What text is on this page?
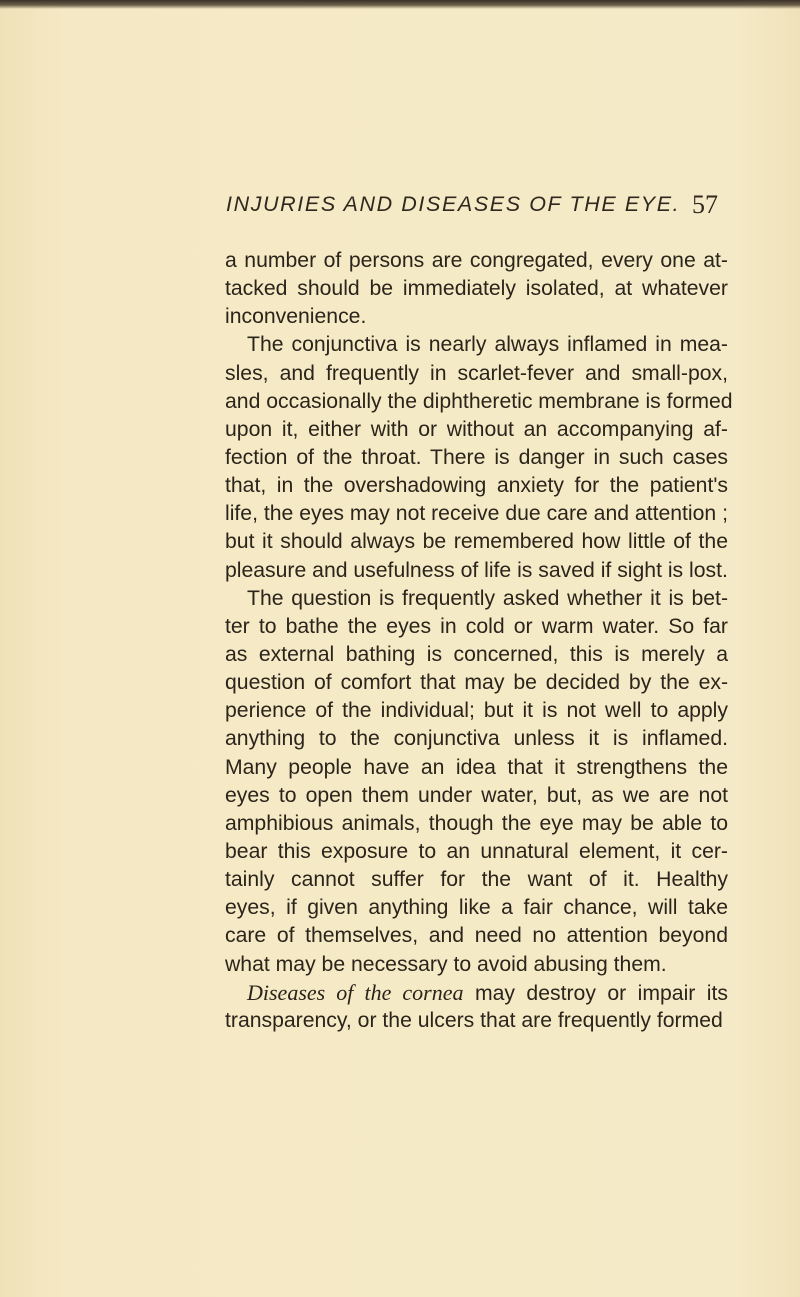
INJURIES AND DISEASES OF THE EYE. 57
a number of persons are congregated, every one at-
tacked should be immediately isolated, at whatever
inconvenience.
The conjunctiva is nearly always inflamed in mea-
sles, and frequently in scarlet-fever and small-pox,
and occasionally the diphtheretic membrane is formed
upon it, either with or without an accompanying af-
fection of the throat. There is danger in such cases
that, in the overshadowing anxiety for the patient's
life, the eyes may not receive due care and attention ;
but it should always be remembered how little of the
pleasure and usefulness of life is saved if sight is lost.
The question is frequently asked whether it is bet-
ter to bathe the eyes in cold or warm water. So far
as external bathing is concerned, this is merely a
question of comfort that may be decided by the ex-
perience of the individual; but it is not well to apply
anything to the conjunctiva unless it is inflamed.
Many people have an idea that it strengthens the
eyes to open them under water, but, as we are not
amphibious animals, though the eye may be able to
bear this exposure to an unnatural element, it cer-
tainly cannot suffer for the want of it. Healthy
eyes, if given anything like a fair chance, will take
care of themselves, and need no attention beyond
what may be necessary to avoid abusing them.
Diseases of the cornea may destroy or impair its
transparency, or the ulcers that are frequently formed
